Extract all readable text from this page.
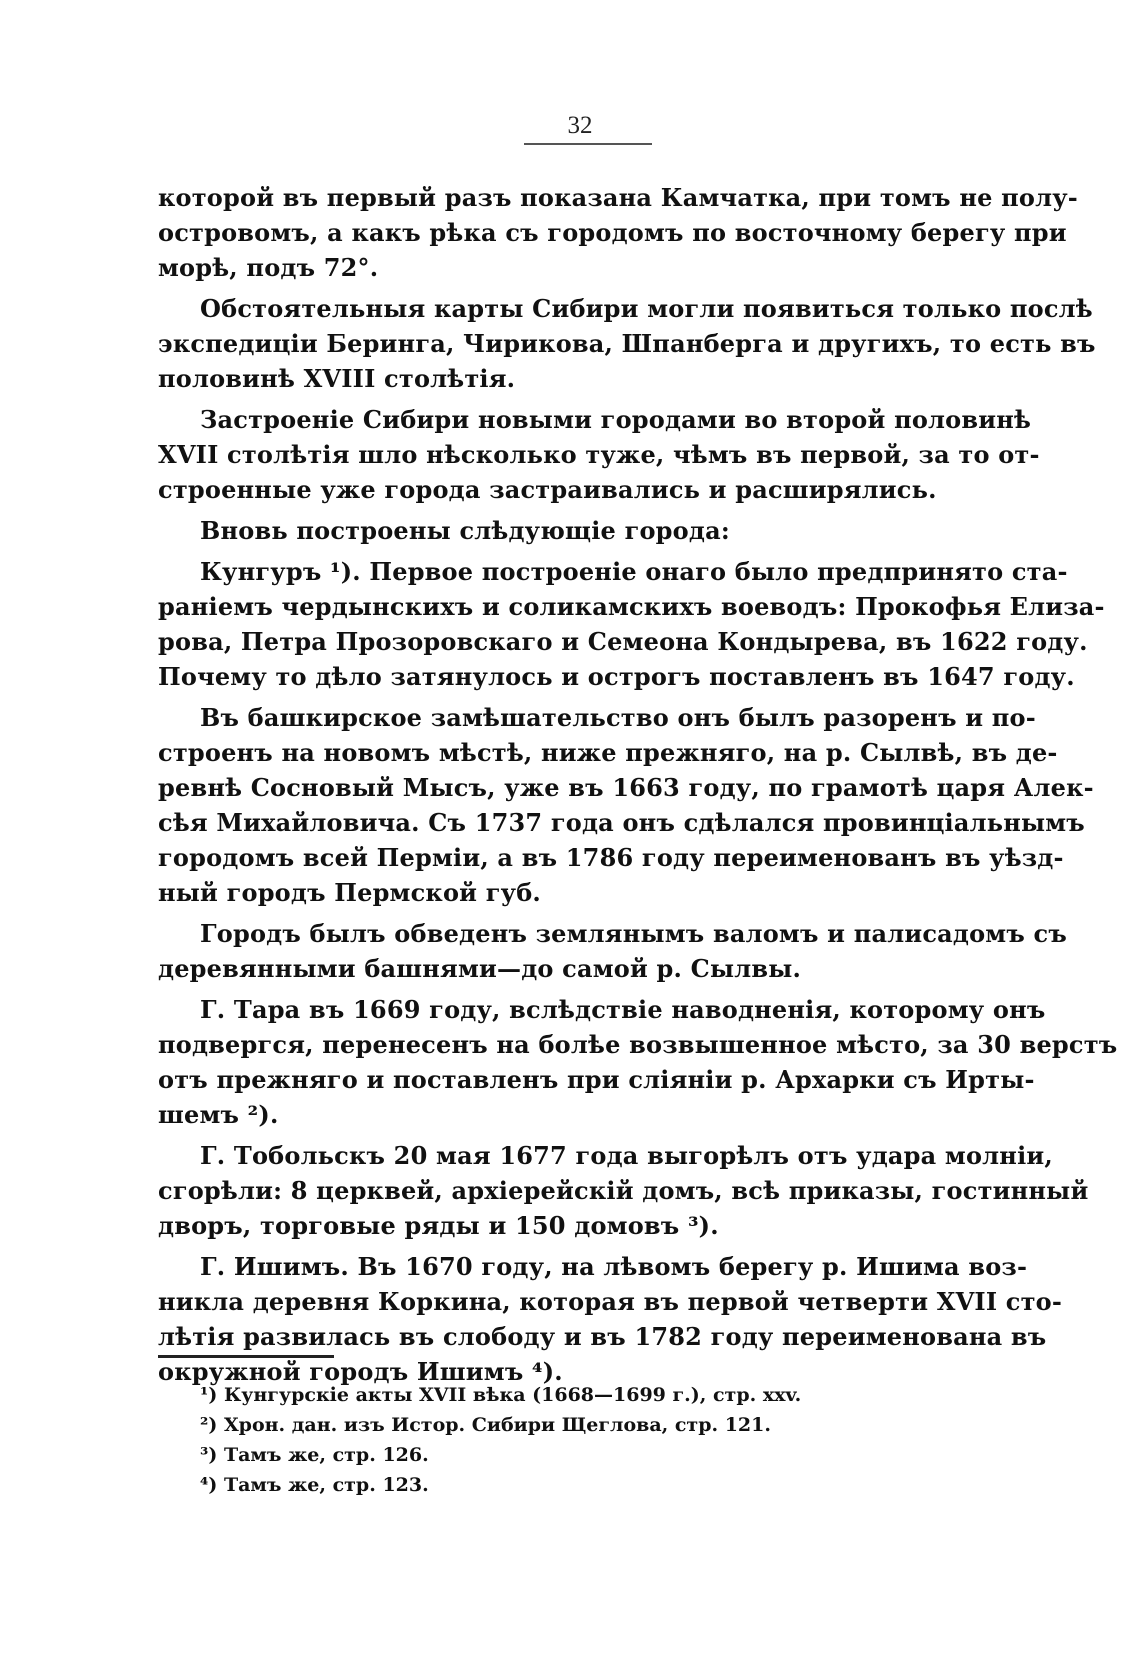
32
которой въ первый разъ показана Камчатка, при томъ не полу-
островомъ, а какъ рѣка съ городомъ по восточному берегу при
морѣ, подъ 72°.
Обстоятельныя карты Сибири могли появиться только послѣ
экспедиціи Беринга, Чирикова, Шпанберга и другихъ, то есть въ
половинѣ XVIII столѣтія.
Застроеніе Сибири новыми городами во второй половинѣ
XVII столѣтія шло нѣсколько туже, чѣмъ въ первой, за то от-
строенные уже города застраивались и расширялись.
Вновь построены слѣдующіе города:
Кунгуръ ¹). Первое построеніе онаго было предпринято ста-
раніемъ чердынскихъ и соликамскихъ воеводъ: Прокофья Елиза-
рова, Петра Прозоровскаго и Семеона Кондырева, въ 1622 году.
Почему то дѣло затянулось и острогъ поставленъ въ 1647 году.
Въ башкирское замѣшательство онъ былъ разоренъ и по-
строенъ на новомъ мѣстѣ, ниже прежняго, на р. Сылвѣ, въ де-
ревнѣ Сосновый Мысъ, уже въ 1663 году, по грамотѣ царя Алек-
сѣя Михайловича. Съ 1737 года онъ сдѣлался провинціальнымъ
городомъ всей Перміи, а въ 1786 году переименованъ въ уѣзд-
ный городъ Пермской губ.
Городъ былъ обведенъ землянымъ валомъ и палисадомъ съ
деревянными башнями—до самой р. Сылвы.
Г. Тара въ 1669 году, вслѣдствіе наводненія, которому онъ
подвергся, перенесенъ на болѣе возвышенное мѣсто, за 30 верстъ
отъ прежняго и поставленъ при сліяніи р. Архарки съ Ирты-
шемъ ²).
Г. Тобольскъ 20 мая 1677 года выгорѣлъ отъ удара молніи,
сгорѣли: 8 церквей, архіерейскій домъ, всѣ приказы, гостинный
дворъ, торговые ряды и 150 домовъ ³).
Г. Ишимъ. Въ 1670 году, на лѣвомъ берегу р. Ишима воз-
никла деревня Коркина, которая въ первой четверти XVII сто-
лѣтія развилась въ слободу и въ 1782 году переименована въ
окружной городъ Ишимъ ⁴).
¹) Кунгурскіе акты XVII вѣка (1668—1699 г.), стр. xxv.
²) Хрон. дан. изъ Истор. Сибири Щеглова, стр. 121.
³) Тамъ же, стр. 126.
⁴) Тамъ же, стр. 123.
